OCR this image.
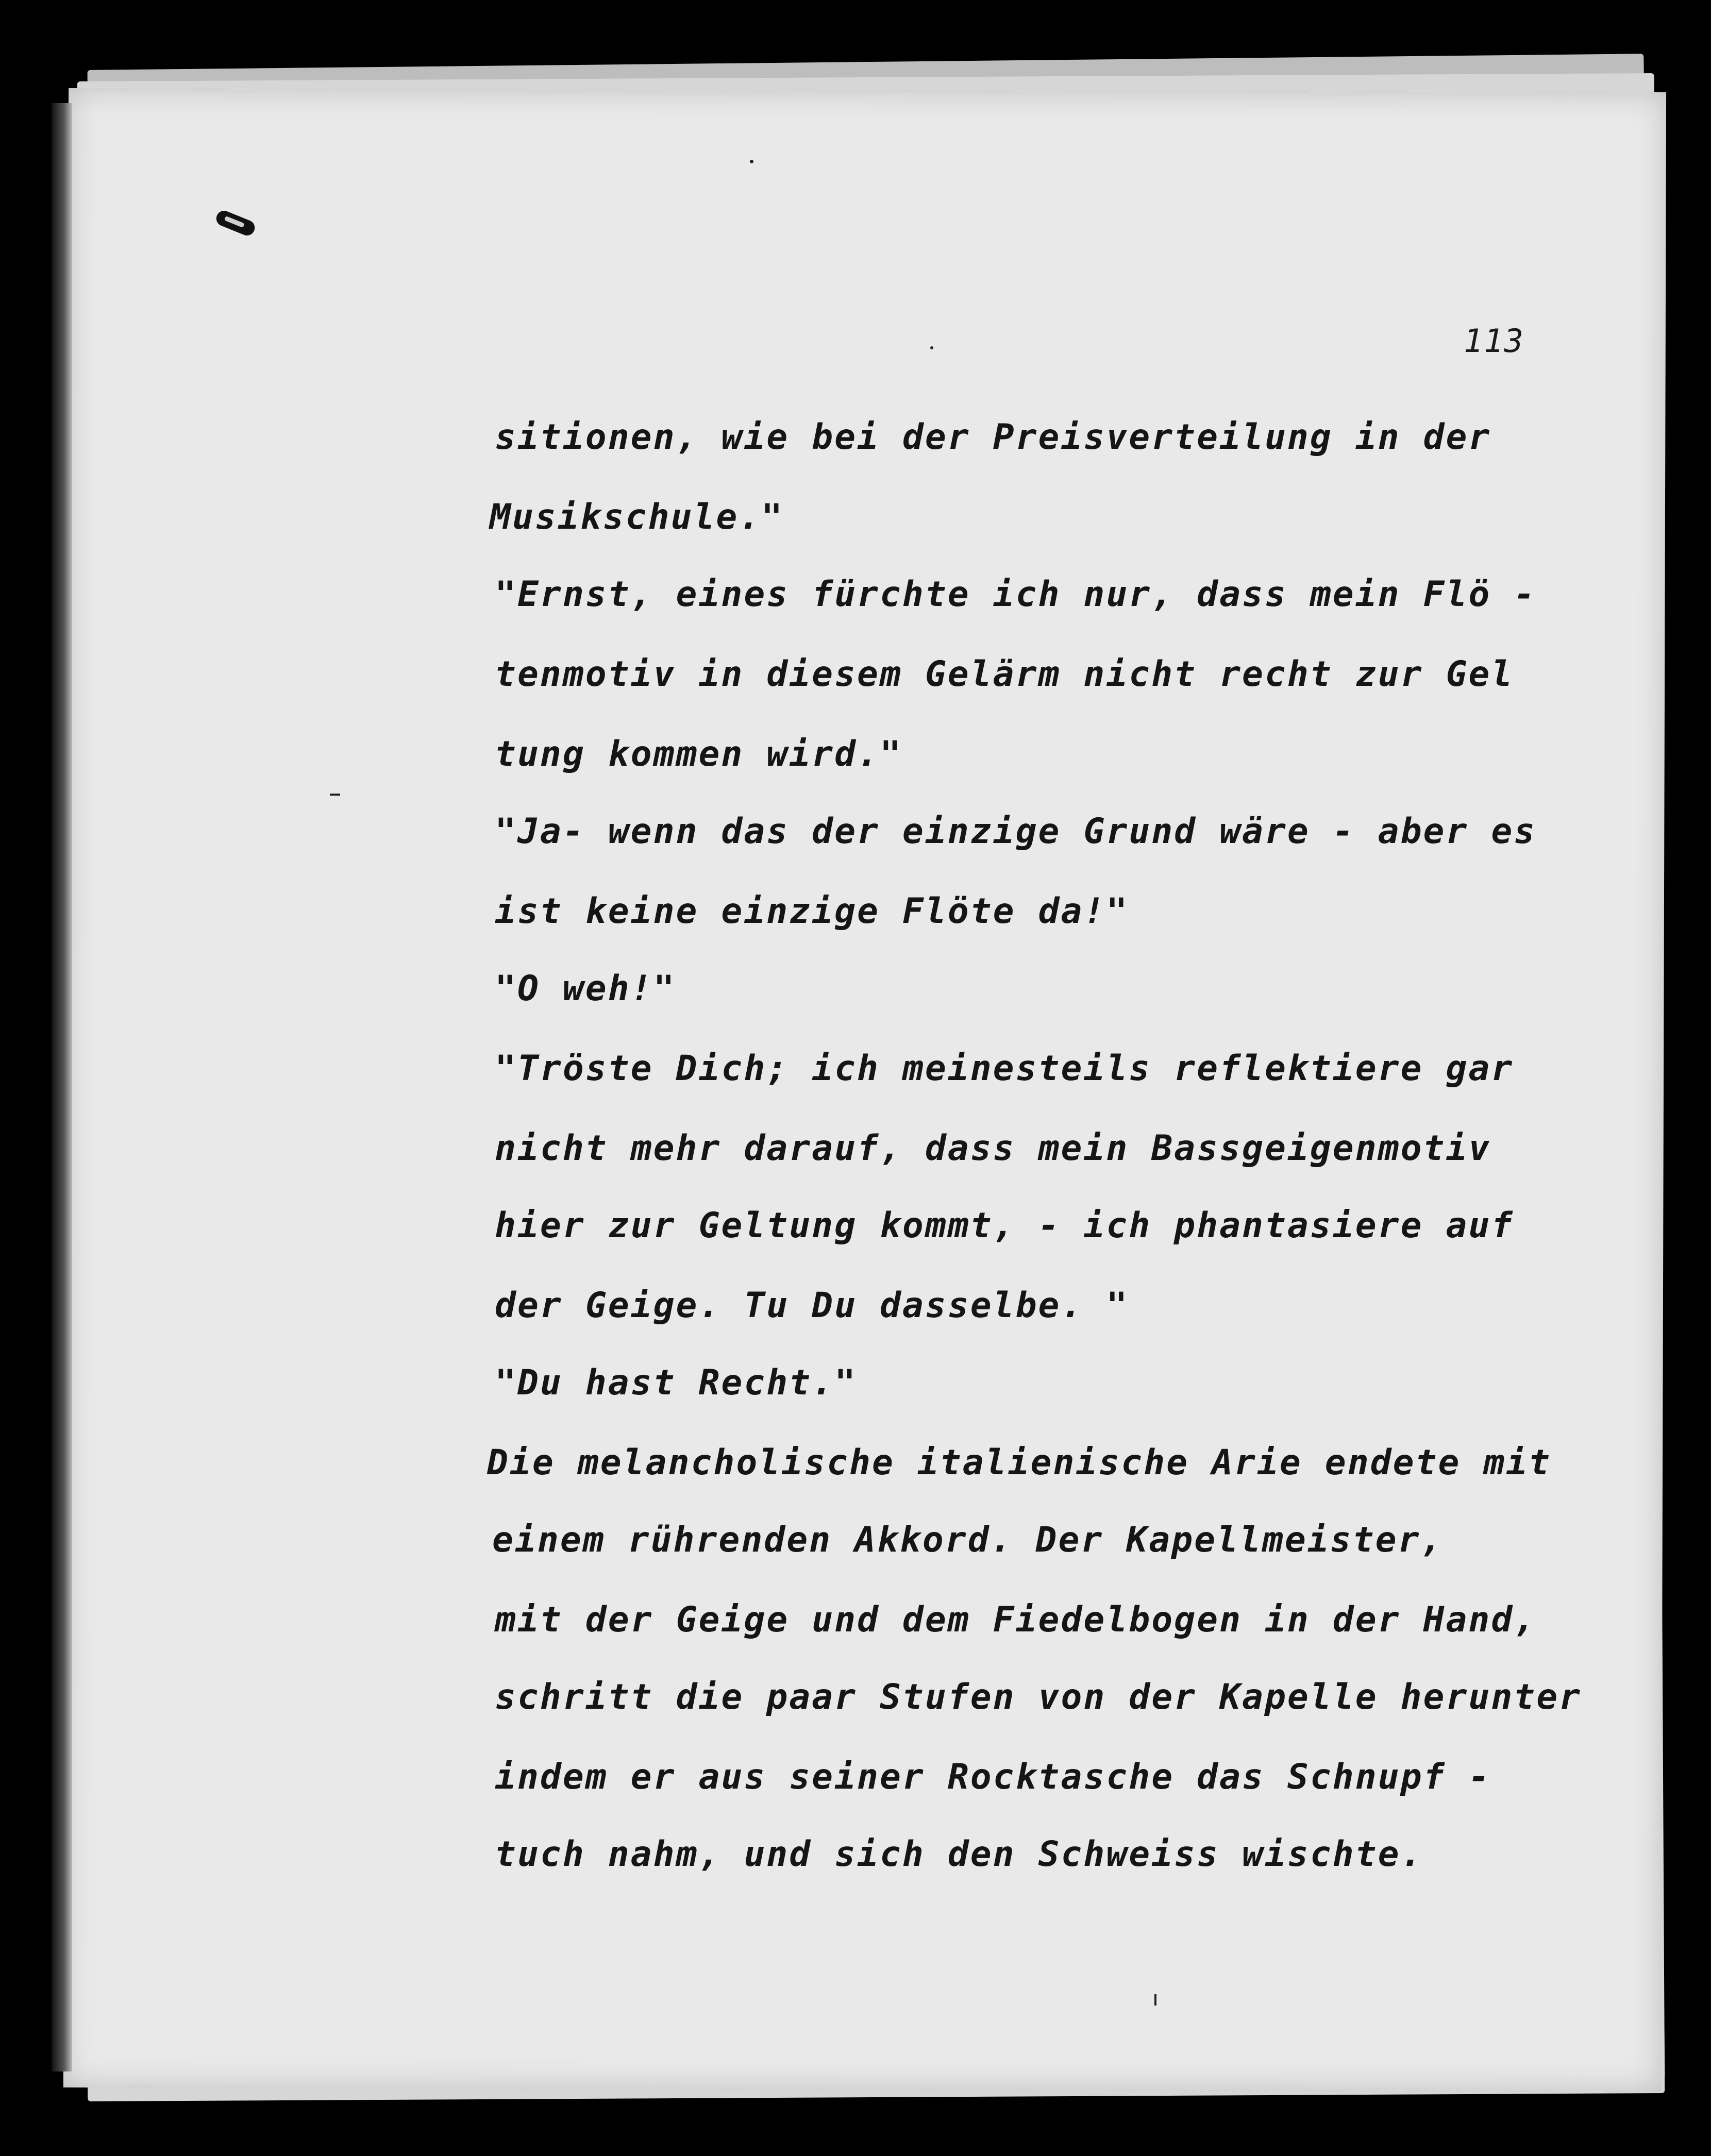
113
sitionen, wie bei der Preisverteilung in der
Musikschule."
"Ernst, eines fürchte ich nur, dass mein Flö -
tenmotiv in diesem Gelärm nicht recht zur Gel
tung kommen wird."
"Ja- wenn das der einzige Grund wäre - aber es
ist keine einzige Flöte da!"
"O weh!"
"Tröste Dich; ich meinesteils reflektiere gar
nicht mehr darauf, dass mein Bassgeigenmotiv
hier zur Geltung kommt, - ich phantasiere auf
der Geige. Tu Du dasselbe. "
"Du hast Recht."
Die melancholische italienische Arie endete mit
einem rührenden Akkord. Der Kapellmeister,
mit der Geige und dem Fiedelbogen in der Hand,
schritt die paar Stufen von der Kapelle herunter
indem er aus seiner Rocktasche das Schnupf -
tuch nahm, und sich den Schweiss wischte.
